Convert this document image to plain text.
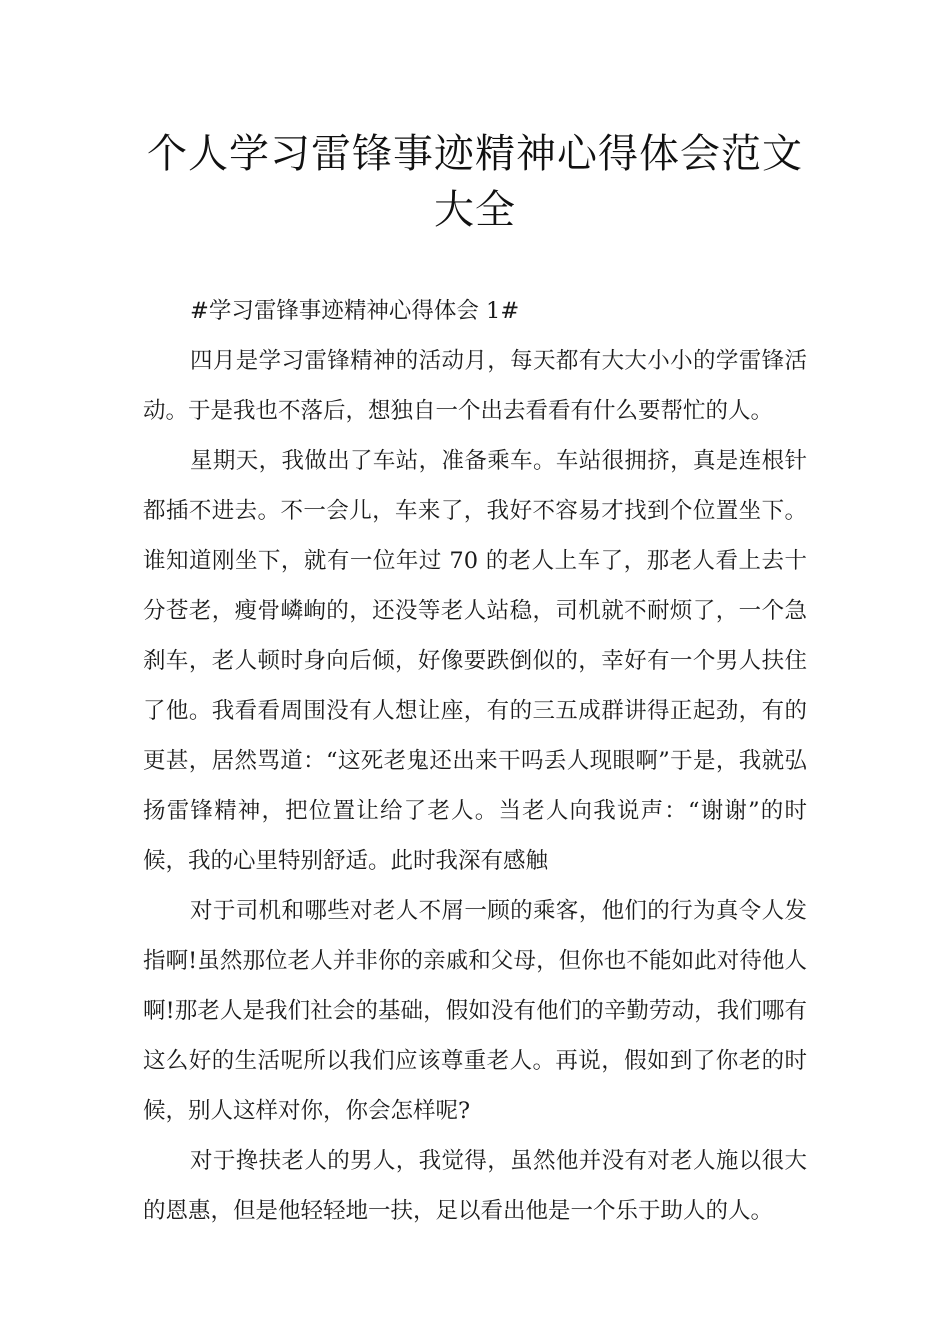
个人学习雷锋事迹精神心得体会范文大全

#学习雷锋事迹精神心得体会 1#

四月是学习雷锋精神的活动月，每天都有大大小小的学雷锋活动。于是我也不落后，想独自一个出去看看有什么要帮忙的人。

星期天，我做出了车站，准备乘车。车站很拥挤，真是连根针都插不进去。不一会儿，车来了，我好不容易才找到个位置坐下。谁知道刚坐下，就有一位年过 70 的老人上车了，那老人看上去十分苍老，瘦骨嶙峋的，还没等老人站稳，司机就不耐烦了，一个急刹车，老人顿时身向后倾，好像要跌倒似的，幸好有一个男人扶住了他。我看看周围没有人想让座，有的三五成群讲得正起劲，有的更甚，居然骂道：“这死老鬼还出来干吗丢人现眼啊”于是，我就弘扬雷锋精神，把位置让给了老人。当老人向我说声：“谢谢”的时候，我的心里特别舒适。此时我深有感触

对于司机和哪些对老人不屑一顾的乘客，他们的行为真令人发指啊!虽然那位老人并非你的亲戚和父母，但你也不能如此对待他人啊!那老人是我们社会的基础，假如没有他们的辛勤劳动，我们哪有这么好的生活呢所以我们应该尊重老人。再说，假如到了你老的时候，别人这样对你，你会怎样呢?

对于搀扶老人的男人，我觉得，虽然他并没有对老人施以很大的恩惠，但是他轻轻地一扶，足以看出他是一个乐于助人的人。
